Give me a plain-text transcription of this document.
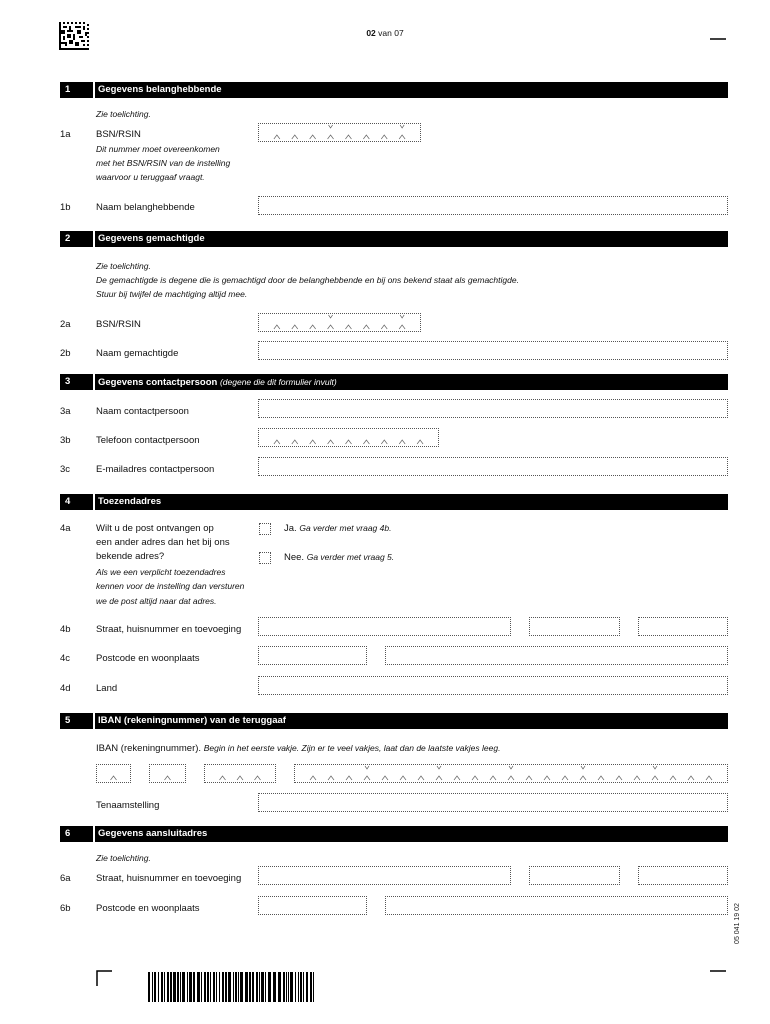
02 van 07
05 041 19 02
1	Gegevens belanghebbende
Zie toelichting.
1a	BSN/RSIN
Dit nummer moet overeenkomen
met het BSN/RSIN van de instelling
waarvoor u teruggaaf vraagt.
1b	Naam belanghebbende
2	Gegevens gemachtigde
Zie toelichting.
De gemachtigde is degene die is gemachtigd door de belanghebbende en bij ons bekend staat als gemachtigde.
Stuur bij twijfel de machtiging altijd mee.
2a	BSN/RSIN
2b	Naam gemachtigde
3	Gegevens contactpersoon (degene die dit formulier invult)
3a	Naam contactpersoon
3b	Telefoon contactpersoon
3c	E-mailadres contactpersoon
4	Toezendadres
4a	Wilt u de post ontvangen op
een ander adres dan het bij ons
bekende adres?
Als we een verplicht toezendadres
kennen voor de instelling dan versturen
we de post altijd naar dat adres.
Ja. Ga verder met vraag 4b.
Nee. Ga verder met vraag 5.
4b	Straat, huisnummer en toevoeging
4c	Postcode en woonplaats
4d	Land
5	IBAN (rekeningnummer) van de teruggaaf
IBAN (rekeningnummer). Begin in het eerste vakje. Zijn er te veel vakjes, laat dan de laatste vakjes leeg.
Tenaamstelling
6	Gegevens aansluitadres
Zie toelichting.
6a	Straat, huisnummer en toevoeging
6b	Postcode en woonplaats
